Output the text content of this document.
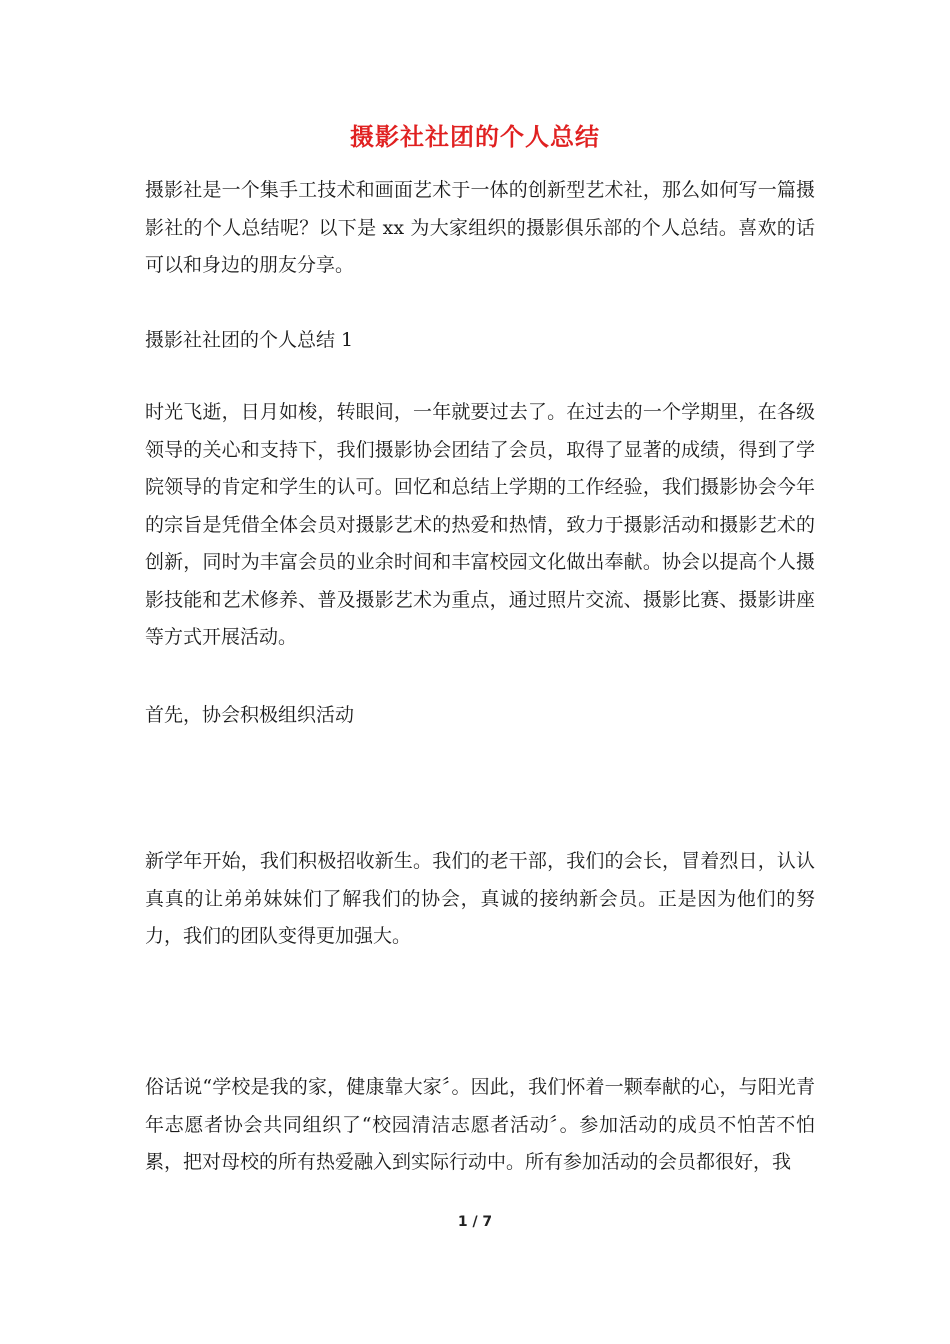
摄影社社团的个人总结

摄影社是一个集手工技术和画面艺术于一体的创新型艺术社，那么如何写一篇摄影社的个人总结呢？以下是 xx 为大家组织的摄影俱乐部的个人总结。喜欢的话可以和身边的朋友分享。

摄影社社团的个人总结 1

时光飞逝，日月如梭，转眼间，一年就要过去了。在过去的一个学期里，在各级领导的关心和支持下，我们摄影协会团结了会员，取得了显著的成绩，得到了学院领导的肯定和学生的认可。回忆和总结上学期的工作经验，我们摄影协会今年的宗旨是凭借全体会员对摄影艺术的热爱和热情，致力于摄影活动和摄影艺术的创新，同时为丰富会员的业余时间和丰富校园文化做出奉献。协会以提高个人摄影技能和艺术修养、普及摄影艺术为重点，通过照片交流、摄影比赛、摄影讲座等方式开展活动。

首先，协会积极组织活动

新学年开始，我们积极招收新生。我们的老干部，我们的会长，冒着烈日，认认真真的让弟弟妹妹们了解我们的协会，真诚的接纳新会员。正是因为他们的努力，我们的团队变得更加强大。

俗话说“学校是我的家，健康靠大家〞。因此，我们怀着一颗奉献的心，与阳光青年志愿者协会共同组织了“校园清洁志愿者活动〞。参加活动的成员不怕苦不怕累，把对母校的所有热爱融入到实际行动中。所有参加活动的会员都很好，我

1 / 7
